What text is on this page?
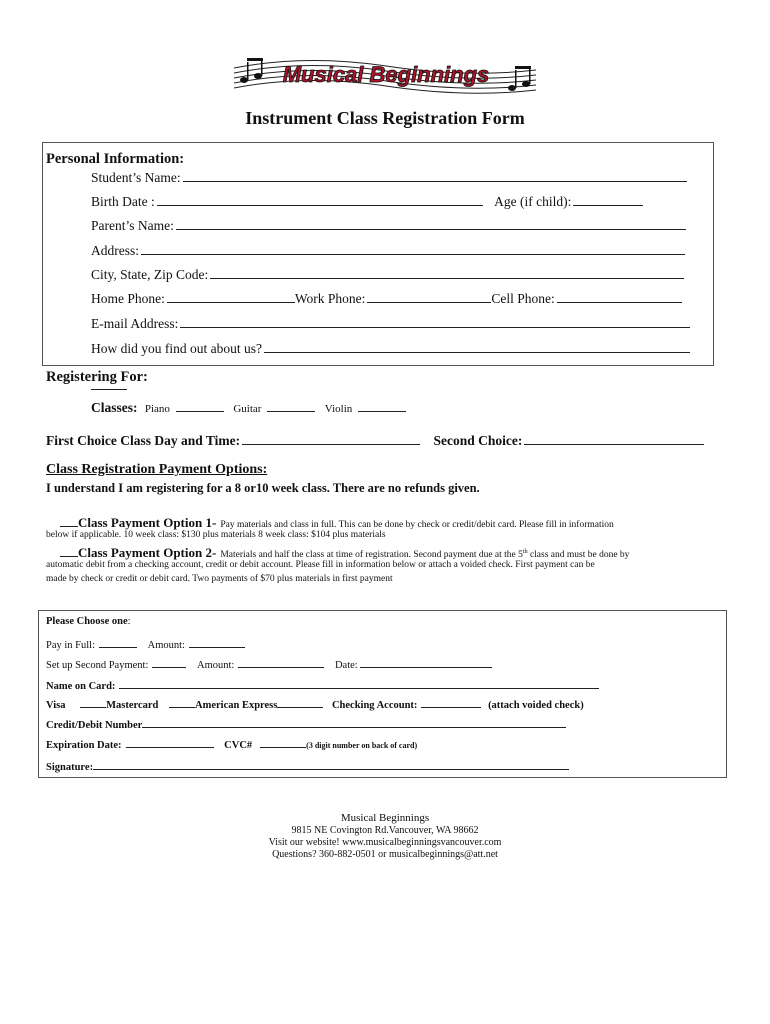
Musical Beginnings
Instrument Class Registration Form
Personal Information:
Student’s Name:
Birth Date :	Age (if child):
Parent’s Name:
Address:
City, State, Zip Code:
Home Phone:	Work Phone:	Cell Phone:
E-mail Address:
How did you find out about us?
Registering For:
Classes: Piano	Guitar	Violin
First Choice Class Day and Time:	Second Choice:
Class Registration Payment Options:
I understand I am registering for a 8 or10 week class. There are no refunds given.
Class Payment Option 1- Pay materials and class in full. This can be done by check or credit/debit card. Please fill in information
below if applicable. 10 week class: $130 plus materials 8 week class: $104 plus materials
Class Payment Option 2- Materials and half the class at time of registration. Second payment due at the 5th class and must be done by
automatic debit from a checking account, credit or debit account. Please fill in information below or attach a voided check. First payment can be
made by check or credit or debit card. Two payments of $70 plus materials in first payment
Please Choose one:
Pay in Full:	Amount:
Set up Second Payment:	Amount:	Date:
Name on Card:
Visa	Mastercard	American Express	Checking Account:	(attach voided check)
Credit/Debit Number
Expiration Date:	CVC#	(3 digit number on back of card)
Signature:
Musical Beginnings
9815 NE Covington Rd.Vancouver, WA 98662
Visit our website! www.musicalbeginningsvancouver.com
Questions? 360-882-0501 or musicalbeginnings@att.net
